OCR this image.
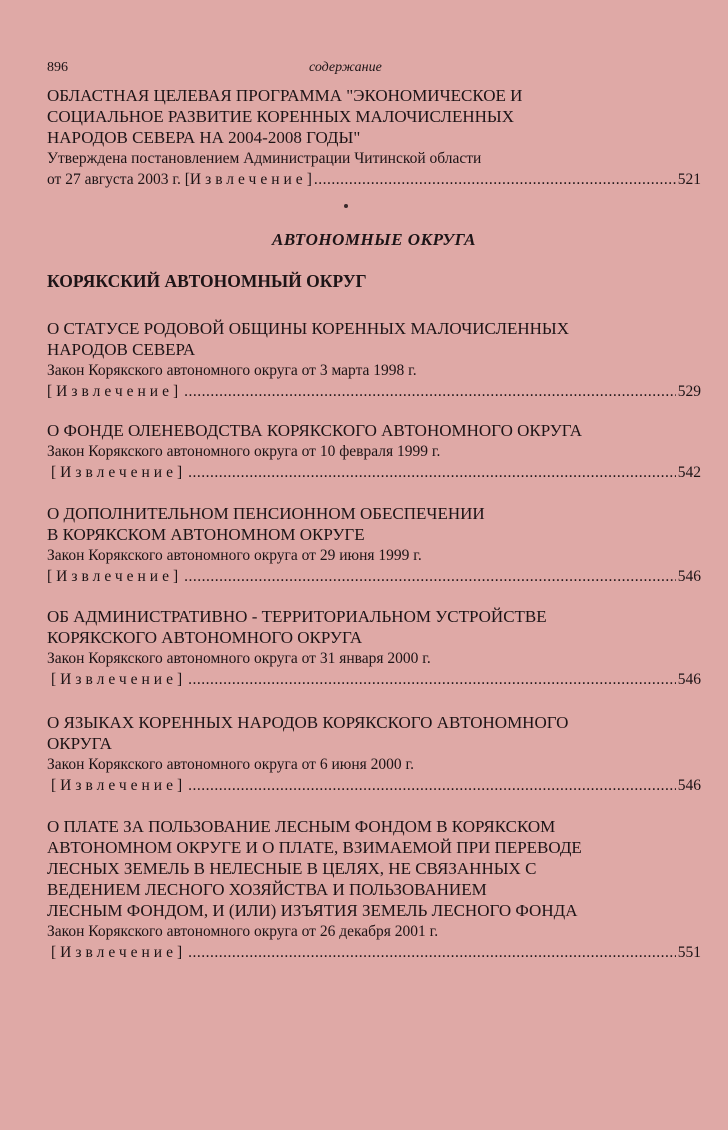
896	содержание
ОБЛАСТНАЯ ЦЕЛЕВАЯ ПРОГРАММА "ЭКОНОМИЧЕСКОЕ И
СОЦИАЛЬНОЕ РАЗВИТИЕ КОРЕННЫХ МАЛОЧИСЛЕННЫХ
НАРОДОВ СЕВЕРА НА 2004-2008 ГОДЫ"
Утверждена постановлением Администрации Читинской области
от 27 августа 2003 г. [ Извлечение ] .....	521
АВТОНОМНЫЕ ОКРУГА
КОРЯКСКИЙ АВТОНОМНЫЙ ОКРУГ
О СТАТУСЕ РОДОВОЙ ОБЩИНЫ КОРЕННЫХ МАЛОЧИСЛЕННЫХ
НАРОДОВ СЕВЕРА
Закон Корякского автономного округа от 3 марта 1998 г.
[Извлечение] .....	529
О ФОНДЕ ОЛЕНЕВОДСТВА КОРЯКСКОГО АВТОНОМНОГО ОКРУГА
Закон Корякского автономного округа от 10 февраля 1999 г.
[Извлечение] .....	542
О ДОПОЛНИТЕЛЬНОМ ПЕНСИОННОМ ОБЕСПЕЧЕНИИ
В КОРЯКСКОМ АВТОНОМНОМ ОКРУГЕ
Закон Корякского автономного округа от 29 июня 1999 г.
[Извлечение] .....	546
ОБ АДМИНИСТРАТИВНО - ТЕРРИТОРИАЛЬНОМ УСТРОЙСТВЕ
КОРЯКСКОГО АВТОНОМНОГО ОКРУГА
Закон Корякского автономного округа от 31 января 2000 г.
[Извлечение] .....	546
О ЯЗЫКАХ КОРЕННЫХ НАРОДОВ КОРЯКСКОГО АВТОНОМНОГО
ОКРУГА
Закон Корякского автономного округа от 6 июня 2000 г.
[Извлечение] .....	546
О ПЛАТЕ ЗА ПОЛЬЗОВАНИЕ ЛЕСНЫМ ФОНДОМ В КОРЯКСКОМ
АВТОНОМНОМ ОКРУГЕ И О ПЛАТЕ, ВЗИМАЕМОЙ ПРИ ПЕРЕВОДЕ
ЛЕСНЫХ ЗЕМЕЛЬ В НЕЛЕСНЫЕ В ЦЕЛЯХ, НЕ СВЯЗАННЫХ С
ВЕДЕНИЕМ ЛЕСНОГО ХОЗЯЙСТВА И ПОЛЬЗОВАНИЕМ
ЛЕСНЫМ ФОНДОМ, И (ИЛИ) ИЗЪЯТИЯ ЗЕМЕЛЬ ЛЕСНОГО ФОНДА
Закон Корякского автономного округа от 26 декабря 2001 г.
[Извлечение] .....	551
